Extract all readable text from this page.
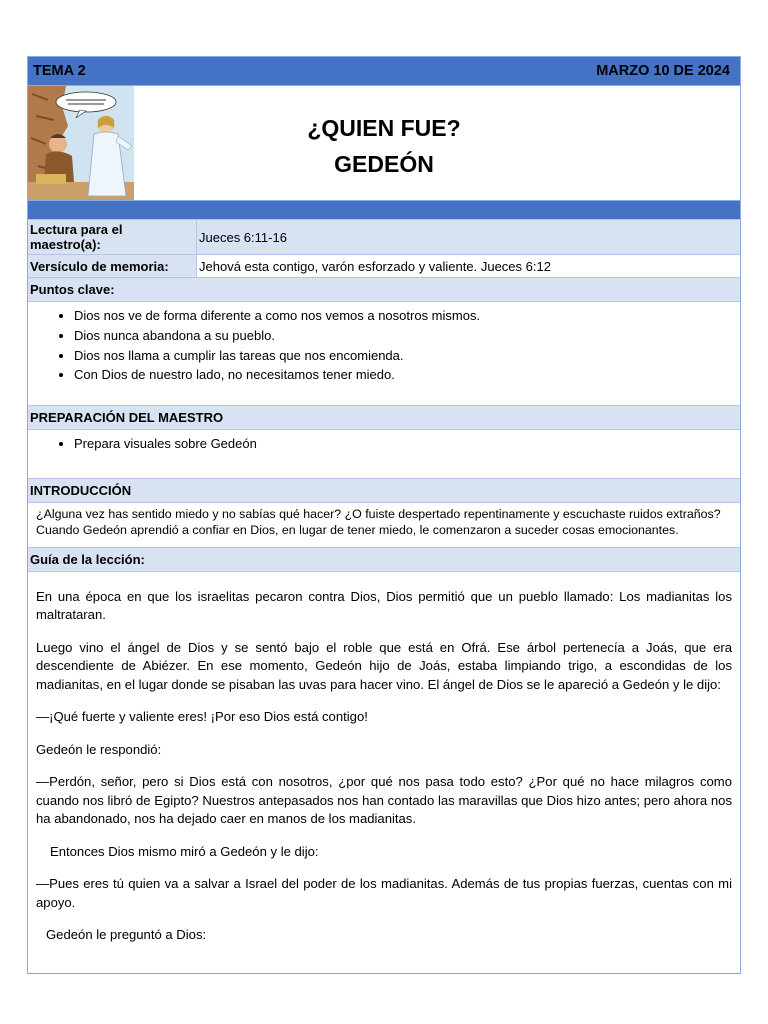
TEMA 2	MARZO 10 DE 2024
¿QUIEN FUE?
GEDEÓN
Lectura para el maestro(a):	Jueces 6:11-16
Versículo de memoria:	Jehová esta contigo, varón esforzado y valiente. Jueces 6:12
Puntos clave:
• Dios nos ve de forma diferente a como nos vemos a nosotros mismos.
• Dios nunca abandona a su pueblo.
• Dios nos llama a cumplir las tareas que nos encomienda.
• Con Dios de nuestro lado, no necesitamos tener miedo.
PREPARACIÓN DEL MAESTRO
• Prepara visuales sobre Gedeón
INTRODUCCIÓN
¿Alguna vez has sentido miedo y no sabías qué hacer? ¿O fuiste despertado repentinamente y escuchaste ruidos extraños? Cuando Gedeón aprendió a confiar en Dios, en lugar de tener miedo, le comenzaron a suceder cosas emocionantes.
Guía de la lección:

En una época en que los israelitas pecaron contra Dios, Dios permitió que un pueblo llamado: Los madianitas los maltrataran.

Luego vino el ángel de Dios y se sentó bajo el roble que está en Ofrá. Ese árbol pertenecía a Joás, que era descendiente de Abiézer. En ese momento, Gedeón hijo de Joás, estaba limpiando trigo, a escondidas de los madianitas, en el lugar donde se pisaban las uvas para hacer vino. El ángel de Dios se le apareció a Gedeón y le dijo:

—¡Qué fuerte y valiente eres! ¡Por eso Dios está contigo!

Gedeón le respondió:

—Perdón, señor, pero si Dios está con nosotros, ¿por qué nos pasa todo esto? ¿Por qué no hace milagros como cuando nos libró de Egipto? Nuestros antepasados nos han contado las maravillas que Dios hizo antes; pero ahora nos ha abandonado, nos ha dejado caer en manos de los madianitas.

Entonces Dios mismo miró a Gedeón y le dijo:

—Pues eres tú quien va a salvar a Israel del poder de los madianitas. Además de tus propias fuerzas, cuentas con mi apoyo.

Gedeón le preguntó a Dios:
